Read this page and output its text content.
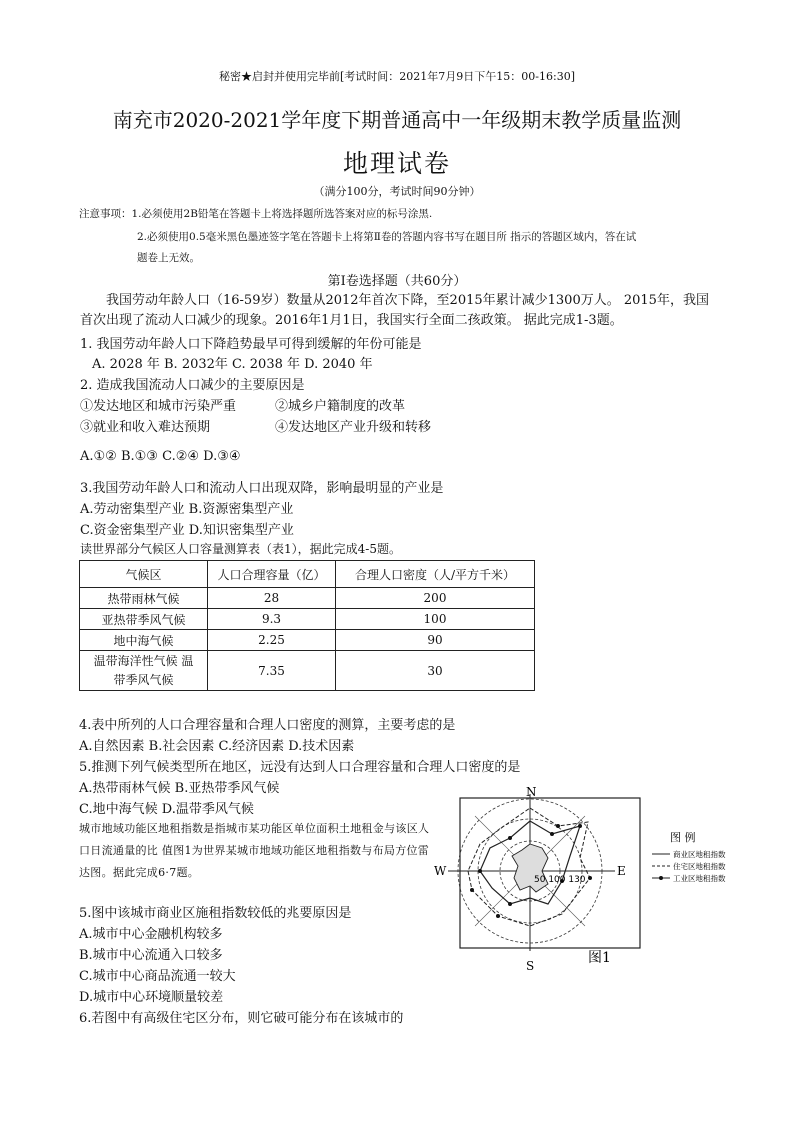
秘密★启封并使用完毕前[考试时间：2021年7月9日下午15：00-16:30]
南充市2020-2021学年度下期普通高中一年级期末教学质量监测
地理试卷
（满分100分，考试时间90分钟）
注意事项：1.必须使用2B铅笔在答题卡上将选择题所选答案对应的标号涂黑.
2.必须使用0.5毫米黑色墨迹签字笔在答题卡上将第Ⅱ卷的答题内容书写在题目所 指示的答题区域内，答在试
题卷上无效。
第Ⅰ卷选择题（共60分）
我国劳动年龄人口（16-59岁）数量从2012年首次下降，至2015年累计减少1300万人。 2015年，我国首次出现了流动人口减少的现象。2016年1月1日，我国实行全面二孩政策。 据此完成1-3题。
1. 我国劳动年龄人口下降趋势最早可得到缓解的年份可能是
A. 2028 年 B. 2032年 C. 2038 年 D. 2040 年
2. 造成我国流动人口减少的主要原因是
①发达地区和城市污染严重	②城乡户籍制度的改革
③就业和收入难达预期	④发达地区产业升级和转移
A.①② B.①③ C.②④ D.③④
3.我国劳动年龄人口和流动人口出现双降，影响最明显的产业是
A.劳动密集型产业 B.资源密集型产业
C.资金密集型产业 D.知识密集型产业
读世界部分气候区人口容量测算表（表1），据此完成4-5题。
气候区	人口合理容量（亿）	合理人口密度（人/平方千米）
热带雨林气候	28	200
亚热带季风气候	9.3	100
地中海气候	2.25	90

温带海洋性气候 温
带季风气候	7.35	30
4.表中所列的人口合理容量和合理人口密度的测算，主要考虑的是
A.自然因素 B.社会因素 C.经济因素 D.技术因素
5.推测下列气候类型所在地区，远没有达到人口合理容量和合理人口密度的是
A.热带雨林气候 B.亚热带季风气候
C.地中海气候 D.温带季风气候
城市地域功能区地租指数是指城市某功能区单位面积土地租金与该区人口日流通量的比 值图1为世界某城市地域功能区地租指数与布局方位雷达图。据此完成6·7题。
5.图中该城市商业区施租指数较低的兆要原因是
A.城市中心金融机构较多
B.城市中心流通入口较多
C.城市中心商品流通一较大
D.城市中心环境顺量较差
6.若图中有高级住宅区分布，则它破可能分布在该城市的
N
S
E
W
50 100 130
图 例
商业区地租指数
住宅区地租指数
工业区地租指数
图1
